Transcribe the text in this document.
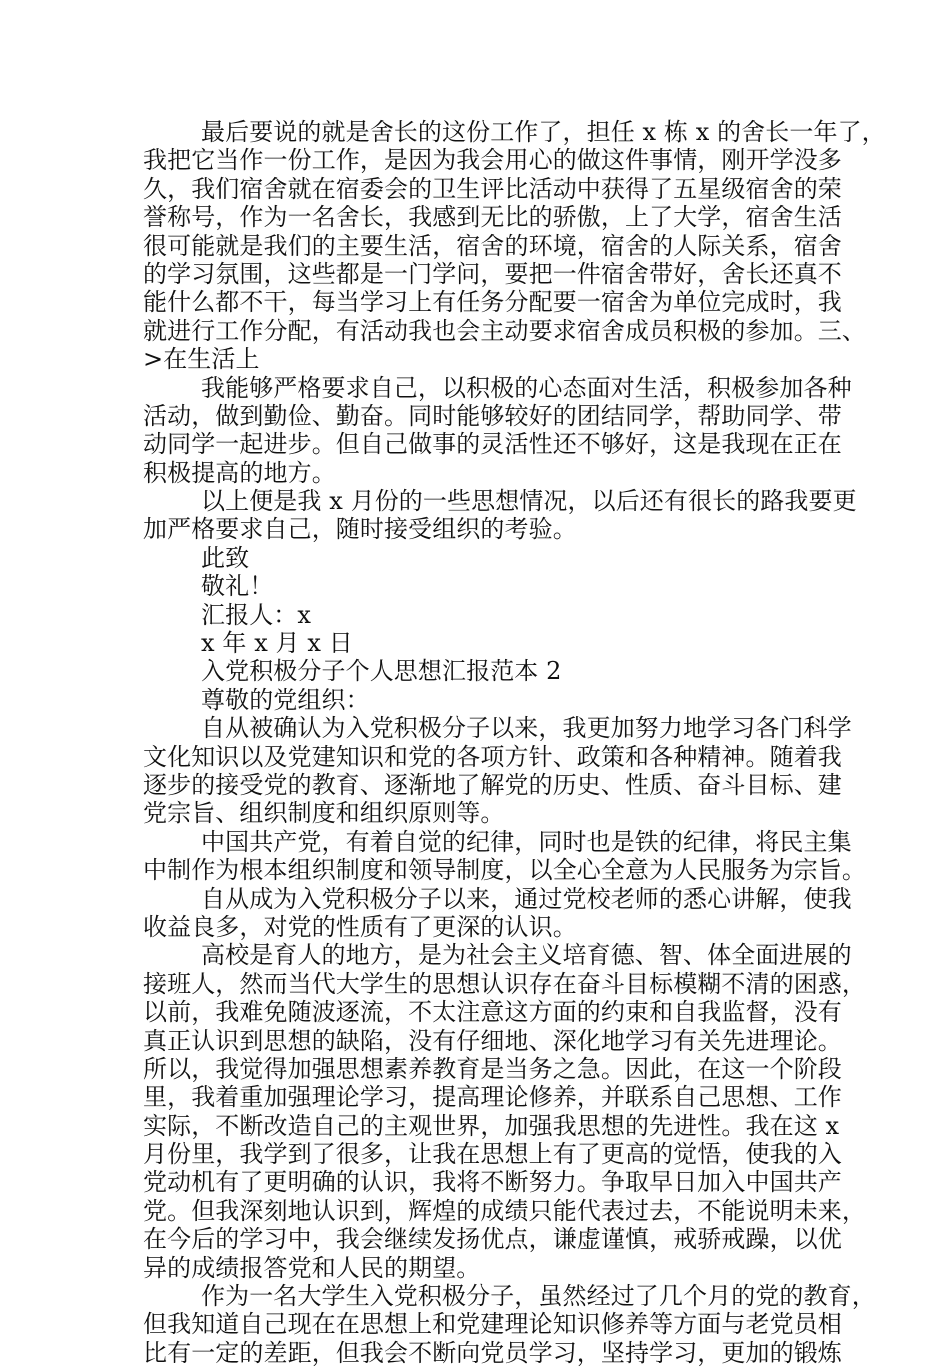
最后要说的就是舍长的这份工作了，担任 x 栋 x 的舍长一年了，
我把它当作一份工作，是因为我会用心的做这件事情，刚开学没多
久，我们宿舍就在宿委会的卫生评比活动中获得了五星级宿舍的荣
誉称号，作为一名舍长，我感到无比的骄傲，上了大学，宿舍生活
很可能就是我们的主要生活，宿舍的环境，宿舍的人际关系，宿舍
的学习氛围，这些都是一门学问，要把一件宿舍带好，舍长还真不
能什么都不干，每当学习上有任务分配要一宿舍为单位完成时，我
就进行工作分配，有活动我也会主动要求宿舍成员积极的参加。三、
>在生活上
我能够严格要求自己，以积极的心态面对生活，积极参加各种
活动，做到勤俭、勤奋。同时能够较好的团结同学，帮助同学、带
动同学一起进步。但自己做事的灵活性还不够好，这是我现在正在
积极提高的地方。
以上便是我 x 月份的一些思想情况，以后还有很长的路我要更
加严格要求自己，随时接受组织的考验。
此致
敬礼！
汇报人：x
x 年 x 月 x 日
入党积极分子个人思想汇报范本 2
尊敬的党组织：
自从被确认为入党积极分子以来，我更加努力地学习各门科学
文化知识以及党建知识和党的各项方针、政策和各种精神。随着我
逐步的接受党的教育、逐渐地了解党的历史、性质、奋斗目标、建
党宗旨、组织制度和组织原则等。
中国共产党，有着自觉的纪律，同时也是铁的纪律，将民主集
中制作为根本组织制度和领导制度，以全心全意为人民服务为宗旨。
自从成为入党积极分子以来，通过党校老师的悉心讲解，使我
收益良多，对党的性质有了更深的认识。
高校是育人的地方，是为社会主义培育德、智、体全面进展的
接班人，然而当代大学生的思想认识存在奋斗目标模糊不清的困惑，
以前，我难免随波逐流，不太注意这方面的约束和自我监督，没有
真正认识到思想的缺陷，没有仔细地、深化地学习有关先进理论。
所以，我觉得加强思想素养教育是当务之急。因此，在这一个阶段
里，我着重加强理论学习，提高理论修养，并联系自己思想、工作
实际，不断改造自己的主观世界，加强我思想的先进性。我在这 x
月份里，我学到了很多，让我在思想上有了更高的觉悟，使我的入
党动机有了更明确的认识，我将不断努力。争取早日加入中国共产
党。但我深刻地认识到，辉煌的成绩只能代表过去，不能说明未来，
在今后的学习中，我会继续发扬优点，谦虚谨慎，戒骄戒躁，以优
异的成绩报答党和人民的期望。
作为一名大学生入党积极分子，虽然经过了几个月的党的教育，
但我知道自己现在在思想上和党建理论知识修养等方面与老党员相
比有一定的差距，但我会不断向党员学习，坚持学习，更加的锻炼
